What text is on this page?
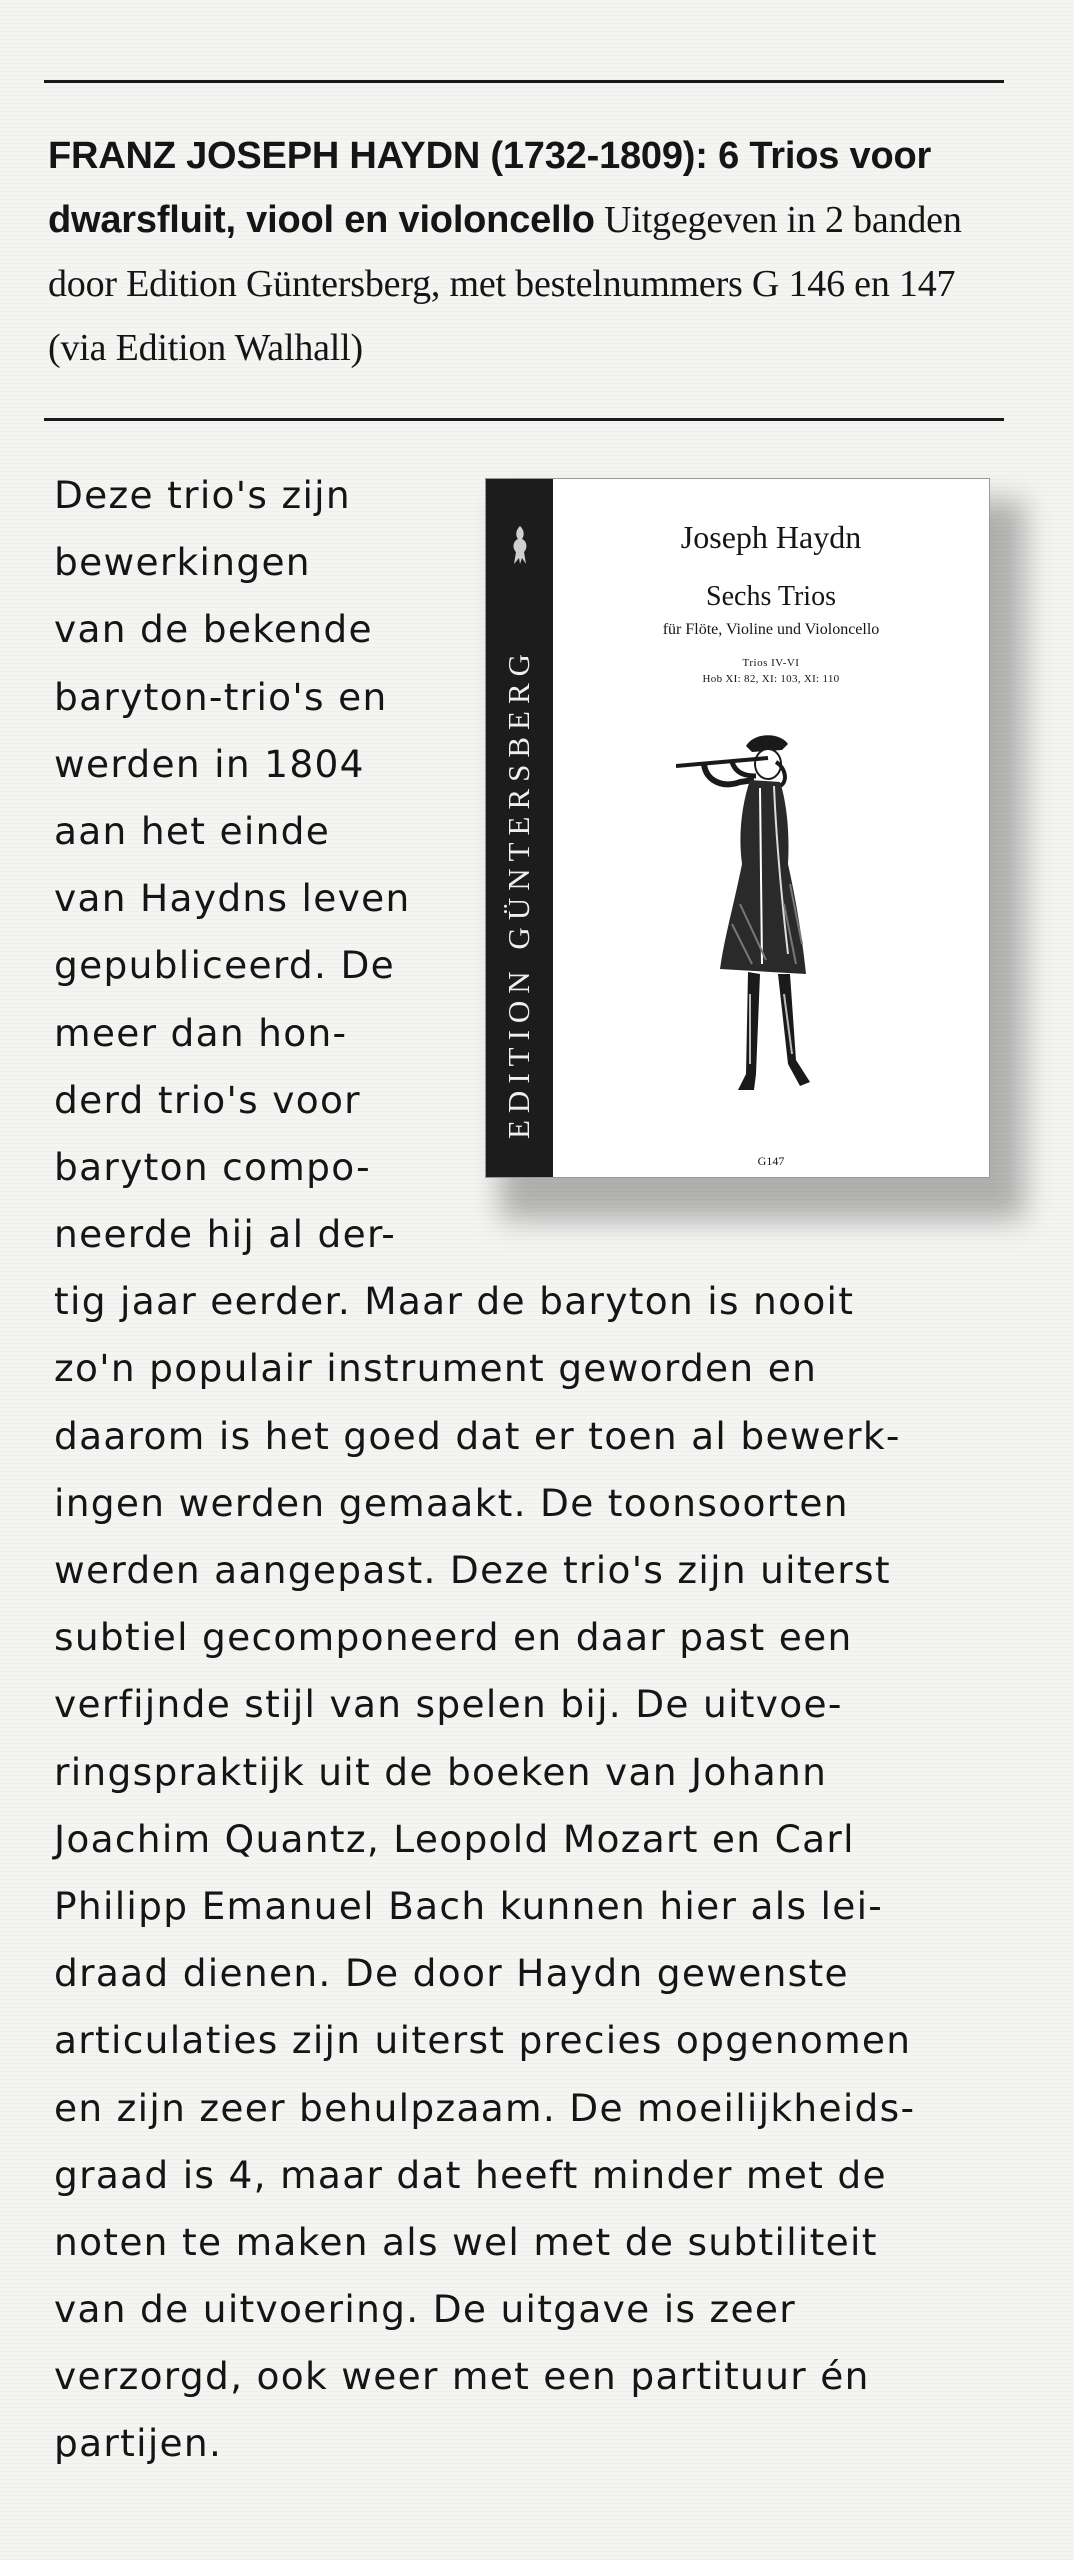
FRANZ JOSEPH HAYDN (1732-1809): 6 Trios voor dwarsfluit, viool en violoncello Uitgegeven in 2 banden door Edition Güntersberg, met bestelnummers G 146 en 147 (via Edition Walhall)
EDITION GÜNTERSBERG
Joseph Haydn
Sechs Trios
für Flöte, Violine und Violoncello
Trios IV-VI
Hob XI: 82, XI: 103, XI: 110
G147
Deze trio's zijn
bewerkingen
van de bekende
baryton-trio's en
werden in 1804
aan het einde
van Haydns leven
gepubliceerd. De
meer dan hon-
derd trio's voor
baryton compo-
neerde hij al der-
tig jaar eerder. Maar de baryton is nooit
zo'n populair instrument geworden en
daarom is het goed dat er toen al bewerk-
ingen werden gemaakt. De toonsoorten
werden aangepast. Deze trio's zijn uiterst
subtiel gecomponeerd en daar past een
verfijnde stijl van spelen bij. De uitvoe-
ringspraktijk uit de boeken van Johann
Joachim Quantz, Leopold Mozart en Carl
Philipp Emanuel Bach kunnen hier als lei-
draad dienen. De door Haydn gewenste
articulaties zijn uiterst precies opgenomen
en zijn zeer behulpzaam. De moeilijkheids-
graad is 4, maar dat heeft minder met de
noten te maken als wel met de subtiliteit
van de uitvoering. De uitgave is zeer
verzorgd, ook weer met een partituur én
partijen.
